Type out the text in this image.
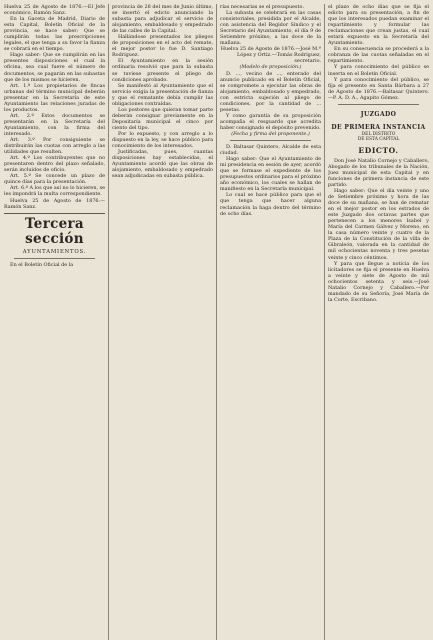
Huelva 25 de Agosto de 1876.—El Jefe económico, Ramón Sanz.

En la Gaceta de Madrid, Diario de esta Capital, Boletín Oficial de la provincia, se hace saber: Que se cumplirán todas las prescripciones legales, el que tenga a su favor la fianza se cobrará en el tiempo.

Hago saber: Que se cumplirán en las presentes disposiciones el cual la oficina, sea cual fuere el número de documentos, se pagarán en las subastas que de los mismos se hicieren.

Art. 1.º Los propietarios de fincas urbanas del término municipal deberán presentar en la Secretaría de este Ayuntamiento las relaciones juradas de los productos.

Art. 2.º Estos documentos se presentarán en la Secretaría del Ayuntamiento, con la firma del interesado.

Art. 3.º Por consiguiente se distribuirán las cuotas con arreglo a las utilidades que resulten.

Art. 4.º Los contribuyentes que no presentaren dentro del plazo señalado, serán incluidos de oficio.

Art. 5.º Se concede un plazo de quince días para la presentación.

Art. 6.º A los que así no lo hicieren, se les impondrá la multa correspondiente.

Huelva 25 de Agosto de 1876.—Ramón Sanz.

Tercera sección
AYUNTAMIENTOS.

En el Boletín Oficial de la

provincia de 28 del mes de Junio último, se insertó el edicto anunciando la subasta para adjudicar el servicio de alojamiento, embaldosado y empedrado de las calles de la Capital.

Hallándose presentados los pliegos de proposiciones en el acto del remate, el mejor postor lo fue D. Santiago Rodríguez.

El Ayuntamiento en la sesión ordinaria resolvió que para la subasta se tuviese presente el pliego de condiciones aprobado.

Se manifestó al Ayuntamiento que el servicio exigía la presentación de fianza y que el rematante debía cumplir las obligaciones contraídas.

Los postores que quieran tomar parte deberán consignar previamente en la Depositaría municipal el cinco por ciento del tipo.

Por lo expuesto, y con arreglo a lo dispuesto en la ley, se hace público para conocimiento de los interesados.

Justificadas, pues, cuantas disposiciones hay establecidas, el Ayuntamiento acordó que las obras de alojamiento, embaldosado y empedrado sean adjudicadas en subasta pública.

rías necesarias se el presupuesto.

La subasta se celebrará en las casas consistoriales, presidida por el Alcalde, con asistencia del Regidor Síndico y el Secretario del Ayuntamiento, el día 9 de Setiembre próximo, a las doce de la mañana.

Huelva 25 de Agosto de 1876.—José M.ª López y Ortiz.—Tomás Rodríguez, secretario.

(Modelo de proposición.)

D. ..., vecino de ..., enterado del anuncio publicado en el Boletín Oficial, se compromete a ejecutar las obras de alojamiento, embaldosado y empedrado, con estricta sujeción al pliego de condiciones, por la cantidad de ... pesetas.

Y como garantía de su proposición acompaña el resguardo que acredita haber consignado el depósito prevenido.

(Fecha y firma del proponente.)

D. Baltasar Quintero, Alcalde de esta ciudad.

Hago saber: Que el Ayuntamiento de mi presidencia en sesión de ayer, acordó que se formase el expediente de los presupuestos ordinarios para el próximo año económico, los cuales se hallan de manifiesto en la Secretaría municipal.

Lo cual se hace público para que el que tenga que hacer alguna reclamación la haga dentro del término de ocho días.

el plazo de ocho días que se fija el edicto para su presentación, a fin de que los interesados puedan examinar el repartimiento y formular las reclamaciones que crean justas, el cual estará expuesto en la Secretaría del Ayuntamiento.

En su consecuencia se procederá a la cobranza de las cuotas señaladas en el repartimiento.

Y para conocimiento del público se inserta en el Boletín Oficial.

Y para conocimiento del público, se fija el presente en Santa Bárbara a 27 de Agosto de 1876.—Baltasar Quintero.—P. A. D. A., Agapito Gómez.

JUZGADO
DE PRIMERA INSTANCIA
DEL DISTRITO
DE ESTA CAPITAL
EDICTO.

Don José Natalio Cornejo y Caballero, Abogado de los tribunales de la Nación, Juez municipal de esta Capital y en funciones de primera instancia de este partido.

Hago saber: Que el día veinte y uno de Setiembre próximo y hora de las doce de su mañana, se han de rematar en el mejor postor en los estrados de este Juzgado dos octavas partes que pertenecen a los menores Isabel y María del Carmen Gálvez y Moreno, en la casa número veinte y cuatro de la Plaza de la Constitución de la villa de Gibraleón, valorada en la cantidad de mil ochocientas noventa y tres pesetas veinte y cinco céntimos.

Y para que llegue a noticia de los licitadores se fija el presente en Huelva a veinte y siete de Agosto de mil ochocientos setenta y seis.—José Natalio Cornejo y Caballero.—Por mandado de su Señoría, José María de la Corte, Escribano.
